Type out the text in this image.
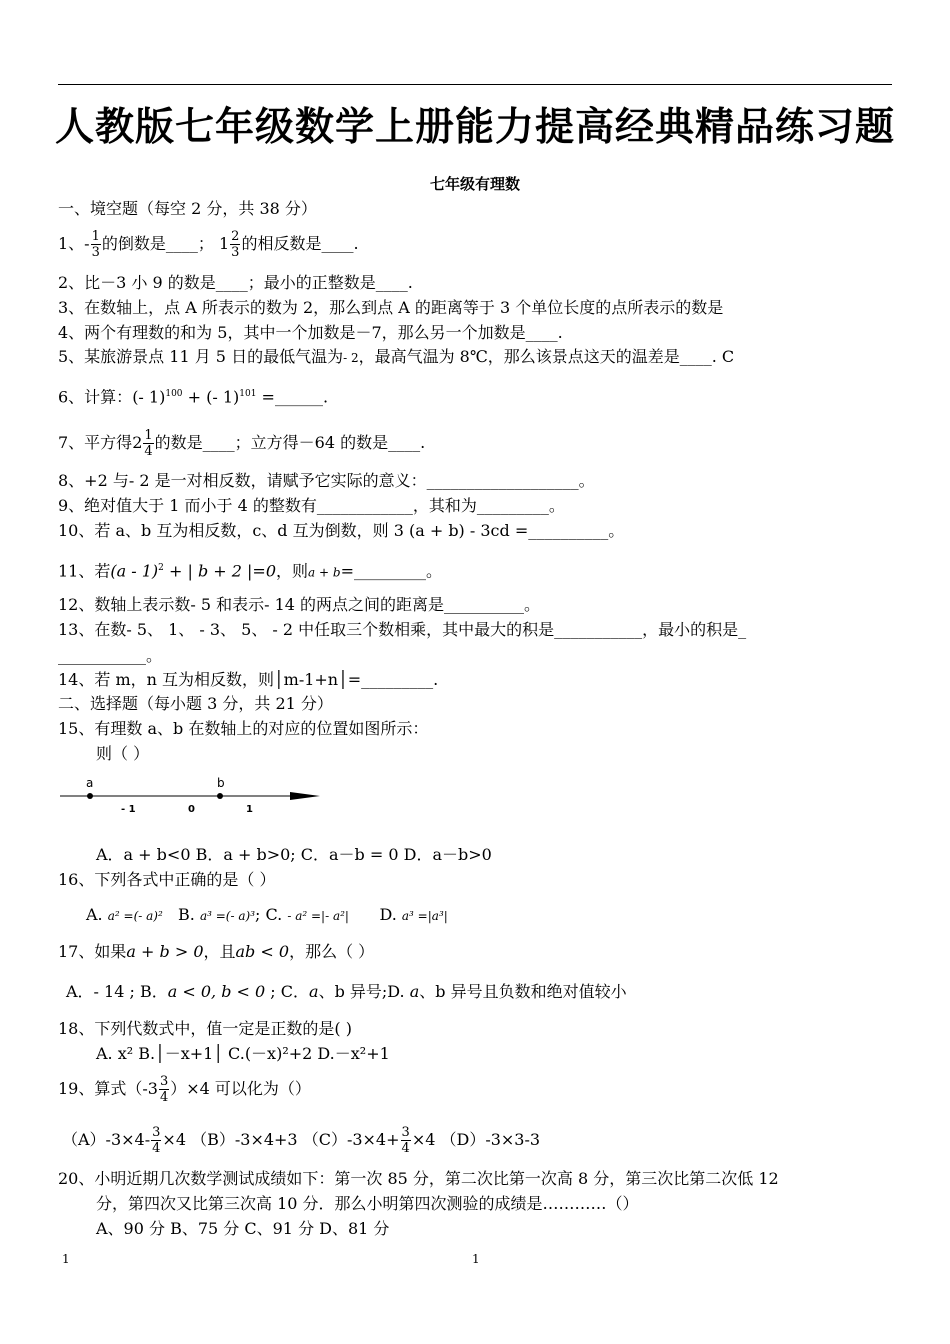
人教版七年级数学上册能力提高经典精品练习题
七年级有理数
一、境空题（每空 2 分，共 38 分）
1、- $\frac{1}{3}$ 的倒数是____； $1 \frac{2}{3}$ 的相反数是____.
2、比－3 小 9 的数是____；最小的正整数是____.
3、在数轴上，点 A 所表示的数为 2，那么到点 A 的距离等于 3 个单位长度的点所表示的数是
4、两个有理数的和为 5，其中一个加数是－7，那么另一个加数是____.
5、某旅游景点 11 月 5 日的最低气温为- 2，最高气温为 8℃，那么该景点这天的温差是____. C
6、计算：(- 1)$^{100}$ + (- 1)$^{101}$ =______.
7、平方得$2 \frac{1}{4}$ 的数是____；立方得－64 的数是____.
8、+2 与- 2 是一对相反数，请赋予它实际的意义：___________________。
9、绝对值大于 1 而小于 4 的整数有____________，其和为_________。
10、若 a、b 互为相反数，c、d 互为倒数，则 3 (a + b) - 3cd =__________。
11、若(a - 1)$^2$ + | b + 2 |=0，则a + b=_________。
12、数轴上表示数- 5 和表示- 14 的两点之间的距离是__________。
13、在数- 5、 1、 - 3、 5、 - 2 中任取三个数相乘，其中最大的积是___________，最小的积是_
___________。
14、若 m，n 互为相反数，则│m-1+n│=_________.
二、选择题（每小题 3 分，共 21 分）
15、有理数 a、b 在数轴上的对应的位置如图所示：
则（ ）
a	b
- 1	0	1
A．a + b<0 B．a + b>0; C．a－b = 0 D．a－b>0
16、下列各式中正确的是（ ）
A. a² =(- a)² B. a³ =(- a)³; C. - a² =|- a²| D. a³ =|a³|
17、如果a + b > 0，且ab < 0，那么（ ）
A．- 14 ; B．a < 0, b < 0 ; C．a、b 异号;D. a、b 异号且负数和绝对值较小
18、下列代数式中，值一定是正数的是( )
A. x² B.│－x+1│ C.(－x)²+2 D.－x²+1
19、算式$(-3 \frac{3}{4} )\times 4$ 可以化为（）
$(A)-3\times 4- \frac{3}{4} \times 4$ （B）-3×4+3 $(C)-3\times 4+ \frac{3}{4} \times 4$ （D）-3×3-3
20、小明近期几次数学测试成绩如下：第一次 85 分，第二次比第一次高 8 分，第三次比第二次低 12
分，第四次又比第三次高 10 分．那么小明第四次测验的成绩是…………（）
A、90 分 B、75 分 C、91 分 D、81 分
1	1
